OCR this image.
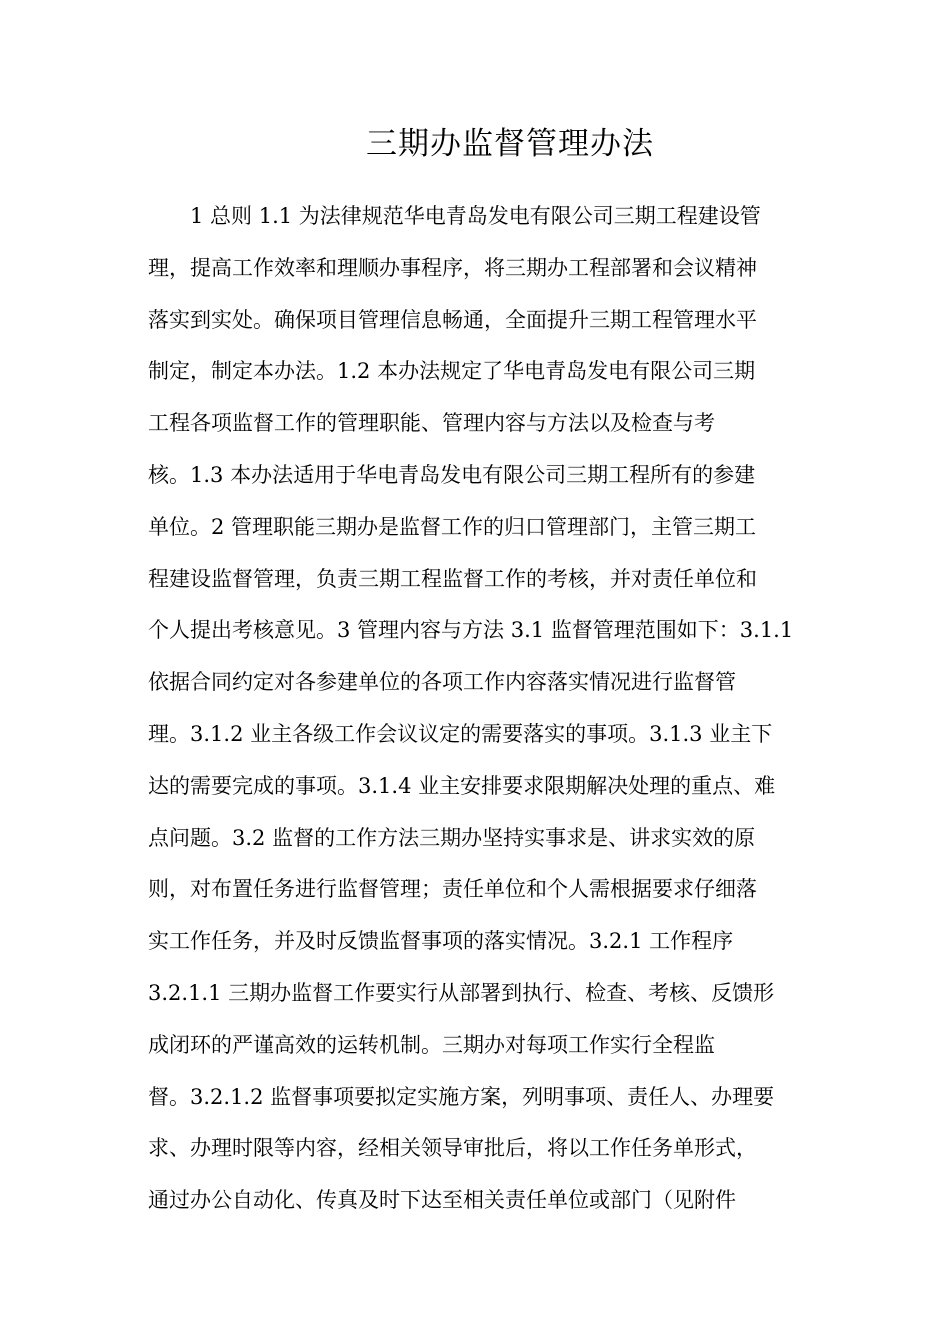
三期办监督管理办法
1 总则 1.1 为法律规范华电青岛发电有限公司三期工程建设管
理，提高工作效率和理顺办事程序，将三期办工程部署和会议精神
落实到实处。确保项目管理信息畅通，全面提升三期工程管理水平
制定，制定本办法。1.2 本办法规定了华电青岛发电有限公司三期
工程各项监督工作的管理职能、管理内容与方法以及检查与考
核。1.3 本办法适用于华电青岛发电有限公司三期工程所有的参建
单位。2 管理职能三期办是监督工作的归口管理部门，主管三期工
程建设监督管理，负责三期工程监督工作的考核，并对责任单位和
个人提出考核意见。3 管理内容与方法 3.1 监督管理范围如下：3.1.1
依据合同约定对各参建单位的各项工作内容落实情况进行监督管
理。3.1.2 业主各级工作会议议定的需要落实的事项。3.1.3 业主下
达的需要完成的事项。3.1.4 业主安排要求限期解决处理的重点、难
点问题。3.2 监督的工作方法三期办坚持实事求是、讲求实效的原
则，对布置任务进行监督管理；责任单位和个人需根据要求仔细落
实工作任务，并及时反馈监督事项的落实情况。3.2.1 工作程序
3.2.1.1 三期办监督工作要实行从部署到执行、检查、考核、反馈形
成闭环的严谨高效的运转机制。三期办对每项工作实行全程监
督。3.2.1.2 监督事项要拟定实施方案，列明事项、责任人、办理要
求、办理时限等内容，经相关领导审批后，将以工作任务单形式，
通过办公自动化、传真及时下达至相关责任单位或部门（见附件
